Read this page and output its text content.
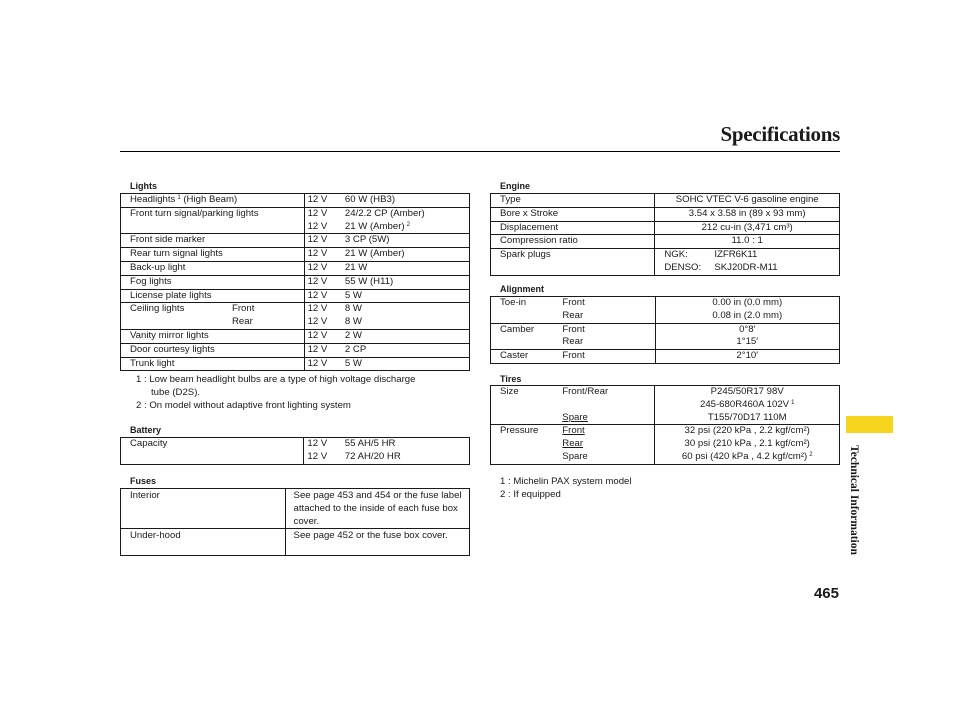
Specifications
Lights
Headlights $^1$ (High Beam)	12 V	60 W (HB3)
Front turn signal/parking lights	12 V	24/2.2 CP (Amber)
	12 V	21 W (Amber) $^2$
Front side marker	12 V	3 CP (5W)
Rear turn signal lights	12 V	21 W (Amber)
Back-up light	12 V	21 W
Fog lights	12 V	55 W (H11)
License plate lights	12 V	5 W
Ceiling lights Front	12 V	8 W
Rear	12 V	8 W
Vanity mirror lights	12 V	2 W
Door courtesy lights	12 V	2 CP
Trunk light	12 V	5 W
1 : Low beam headlight bulbs are a type of high voltage discharge
tube (D2S).
2 : On model without adaptive front lighting system
Battery
Capacity	12 V	55 AH/5 HR
	12 V	72 AH/20 HR
Fuses
Interior	See page 453 and 454 or the fuse label attached to the inside of each fuse box cover.
Under-hood	See page 452 or the fuse box cover.
Engine
Type	SOHC VTEC V-6 gasoline engine
Bore x Stroke	3.54 x 3.58 in (89 x 93 mm)
Displacement	212 cu-in (3,471 cm³)
Compression ratio	11.0 : 1
Spark plugs	NGK: IZFR6K11
	DENSO: SKJ20DR-M11
Alignment
Toe-in	Front	0.00 in (0.0 mm)
	Rear	0.08 in (2.0 mm)
Camber	Front	0°8′
	Rear	1°15′
Caster	Front	2°10′
Tires
Size	Front/Rear	P245/50R17 98V
		245-680R460A 102V $^1$
	Spare	T155/70D17 110M
Pressure	Front	32 psi (220 kPa , 2.2 kgf/cm²)
	Rear	30 psi (210 kPa , 2.1 kgf/cm²)
	Spare	60 psi (420 kPa , 4.2 kgf/cm²) $^2$
1 : Michelin PAX system model
2 : If equipped	Technical Information
465
